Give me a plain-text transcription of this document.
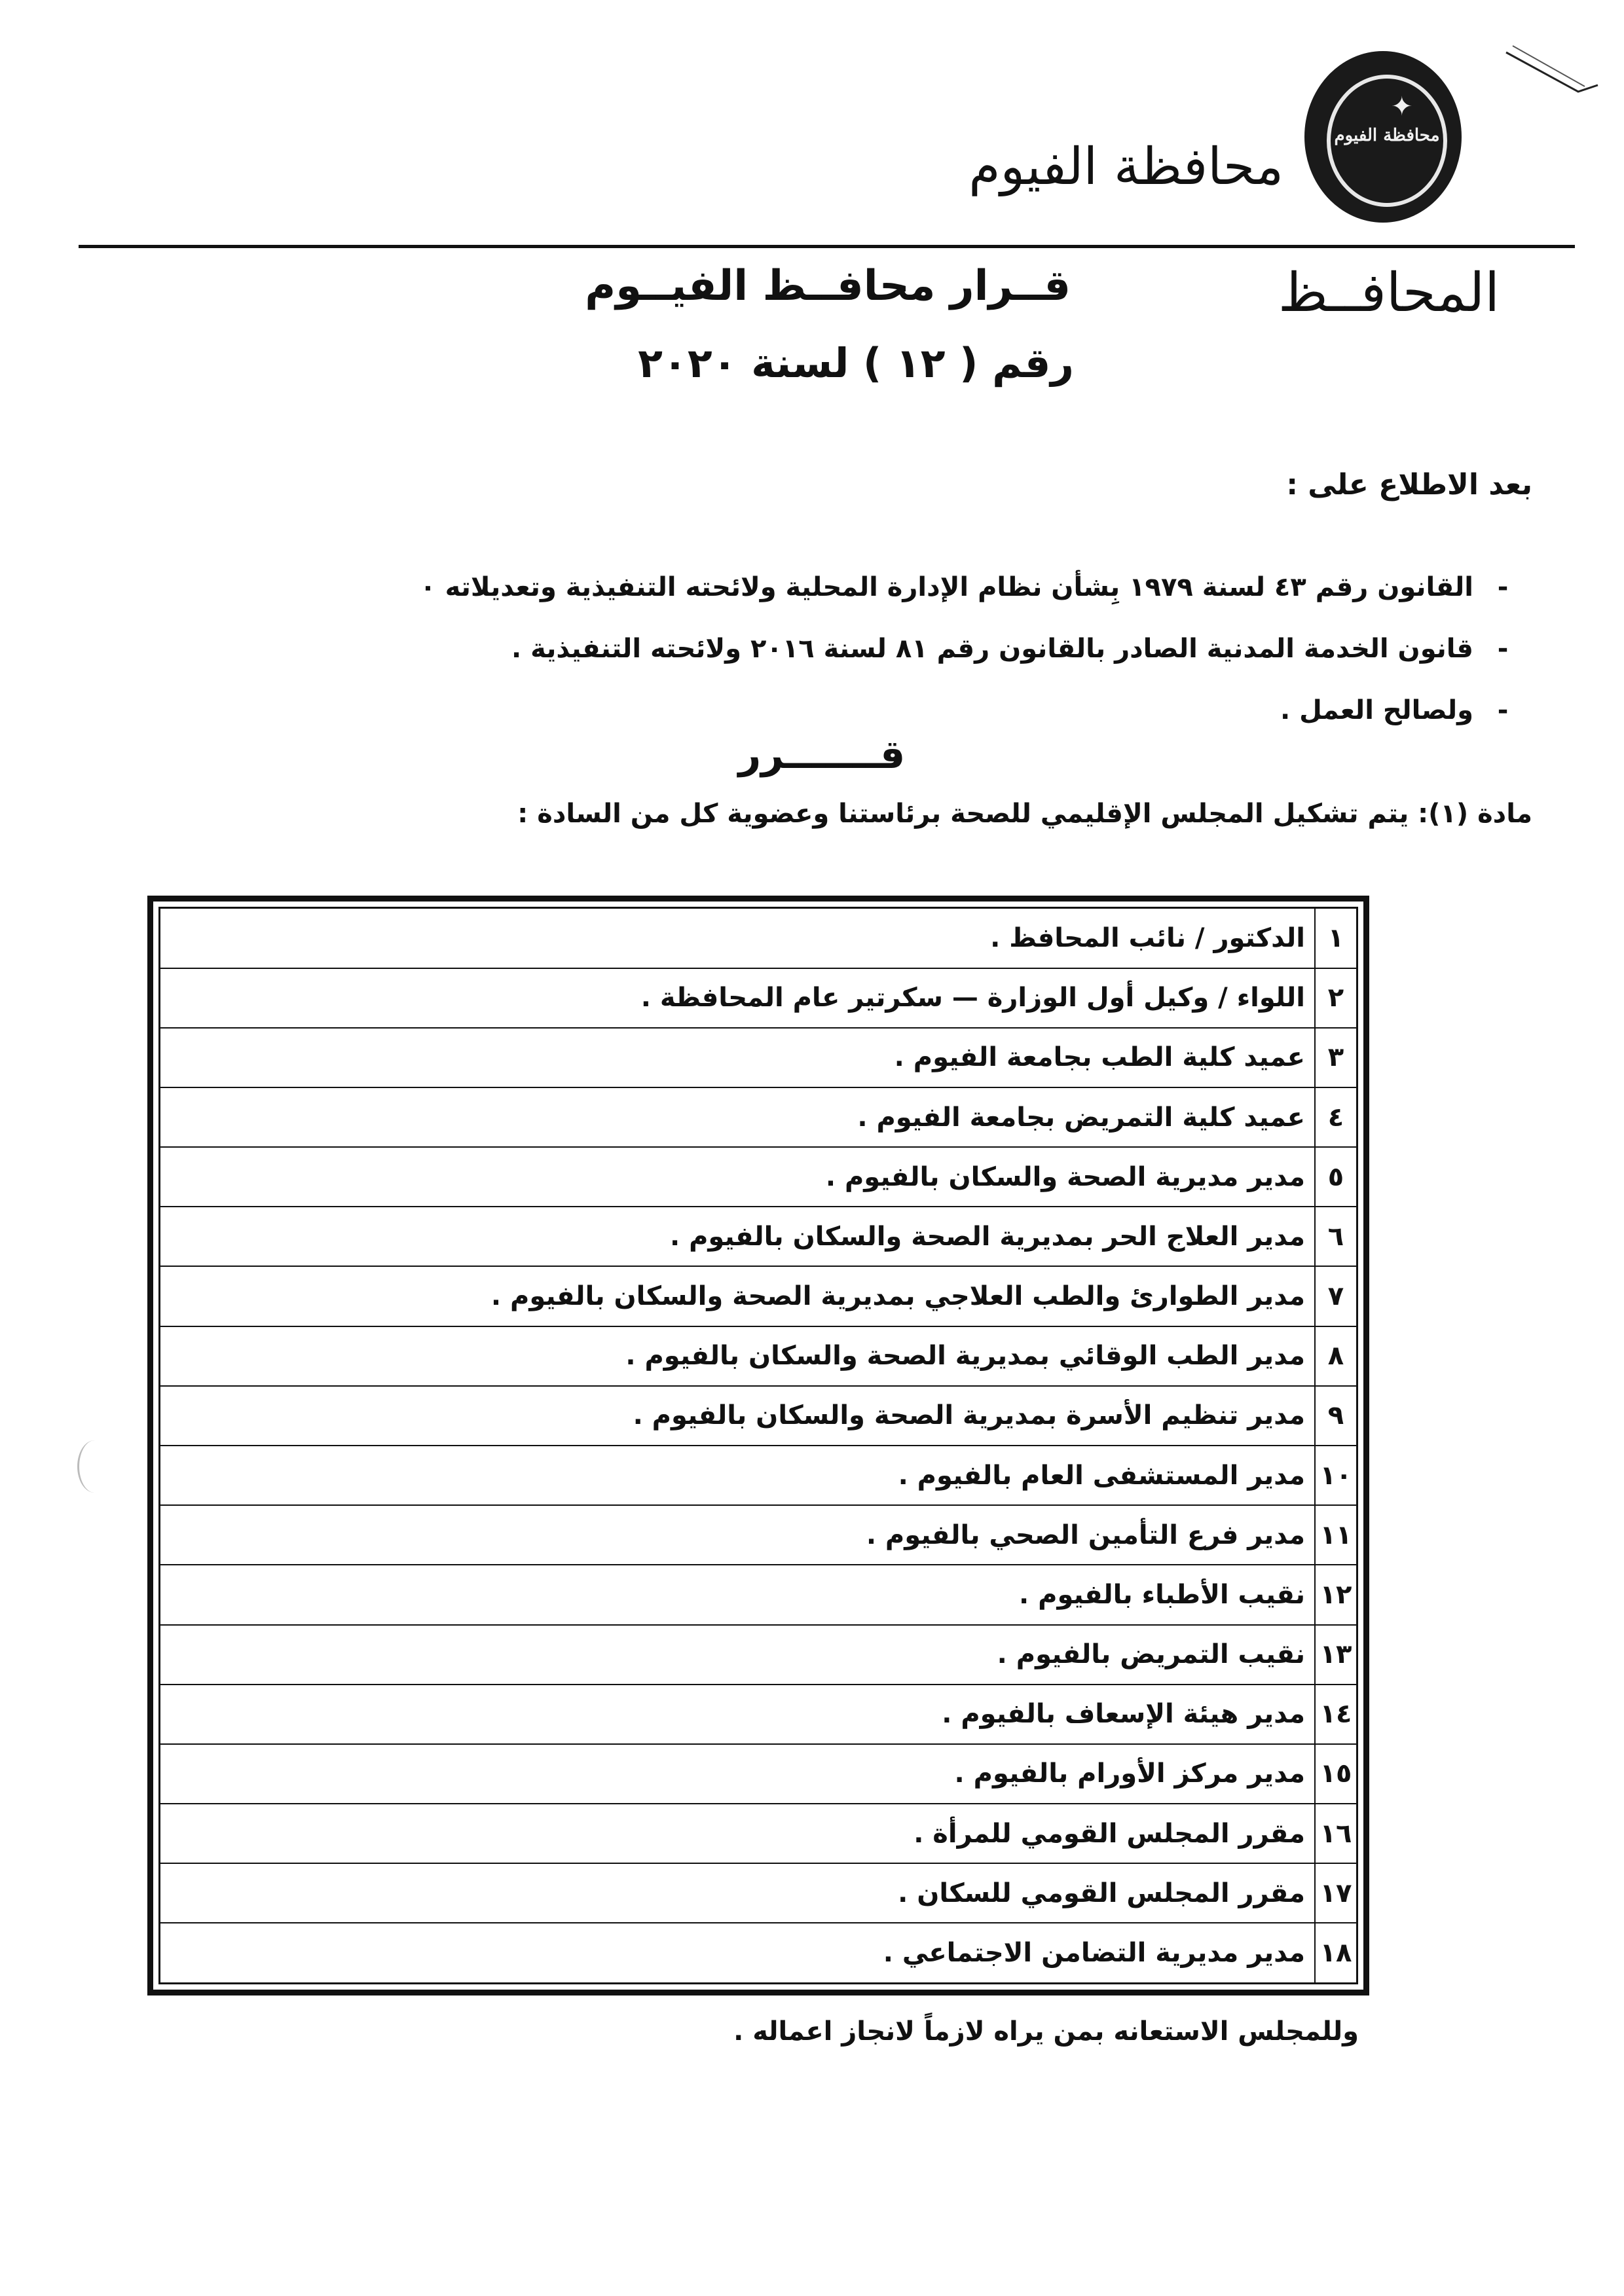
✦
محافظة الفيوم
محافظة الفيوم
المحافــظ
قــرار محافــظ الفيــوم
رقم ( ١٢ ) لسنة ٢٠٢٠
بعد الاطلاع على :
-القانون رقم ٤٣ لسنة ١٩٧٩ بِشأن نظام الإدارة المحلية ولائحته التنفيذية وتعديلاته ٠
-قانون الخدمة المدنية الصادر بالقانون رقم ٨١ لسنة ٢٠١٦ ولائحته التنفيذية .
-ولصالح العمل .
قـــــــرر
مادة (١): يتم تشكيل المجلس الإقليمي للصحة برئاستنا وعضوية كل من السادة :
١	الدكتور / نائب المحافظ .
٢	اللواء / وكيل أول الوزارة — سكرتير عام المحافظة .
٣	عميد كلية الطب بجامعة الفيوم .
٤	عميد كلية التمريض بجامعة الفيوم .
٥	مدير مديرية الصحة والسكان بالفيوم .
٦	مدير العلاج الحر بمديرية الصحة والسكان بالفيوم .
٧	مدير الطوارئ والطب العلاجي بمديرية الصحة والسكان بالفيوم .
٨	مدير الطب الوقائي بمديرية الصحة والسكان بالفيوم .
٩	مدير تنظيم الأسرة بمديرية الصحة والسكان بالفيوم .
١٠	مدير المستشفى العام بالفيوم .
١١	مدير فرع التأمين الصحي بالفيوم .
١٢	نقيب الأطباء بالفيوم .
١٣	نقيب التمريض بالفيوم .
١٤	مدير هيئة الإسعاف بالفيوم .
١٥	مدير مركز الأورام بالفيوم .
١٦	مقرر المجلس القومي للمرأة .
١٧	مقرر المجلس القومي للسكان .
١٨	مدير مديرية التضامن الاجتماعي .
وللمجلس الاستعانه بمن يراه لازماً لانجاز اعماله .
